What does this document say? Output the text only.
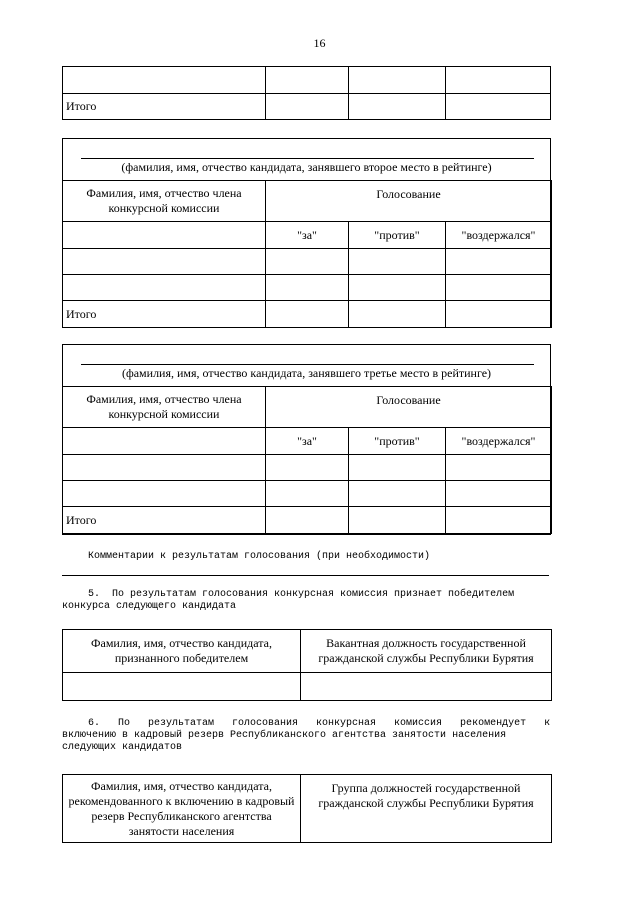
16

Итого			
(фамилия, имя, отчество кандидата, занявшего второе место в рейтинге)
Фамилия, имя, отчество члена конкурсной комиссии	Голосование		
	"за"	"против"	"воздержался"

Итого			
(фамилия, имя, отчество кандидата, занявшего третье место в рейтинге)
Фамилия, имя, отчество члена конкурсной комиссии	Голосование		
	"за"	"против"	"воздержался"

Итого			
Комментарии к результатам голосования (при необходимости)
5.  По результатам голосования конкурсная комиссия признает победителем
конкурса следующего кандидата
Фамилия, имя, отчество кандидата, признанного победителем	Вакантная должность государственной гражданской службы Республики Бурятия

6.   По   результатам   голосования   конкурсная   комиссия   рекомендует   к
включению в кадровый резерв Республиканского агентства занятости населения
следующих кандидатов
Фамилия, имя, отчество кандидата, рекомендованного к включению в кадровый резерв Республиканского агентства занятости населения	Группа должностей государственной гражданской службы Республики Бурятия
